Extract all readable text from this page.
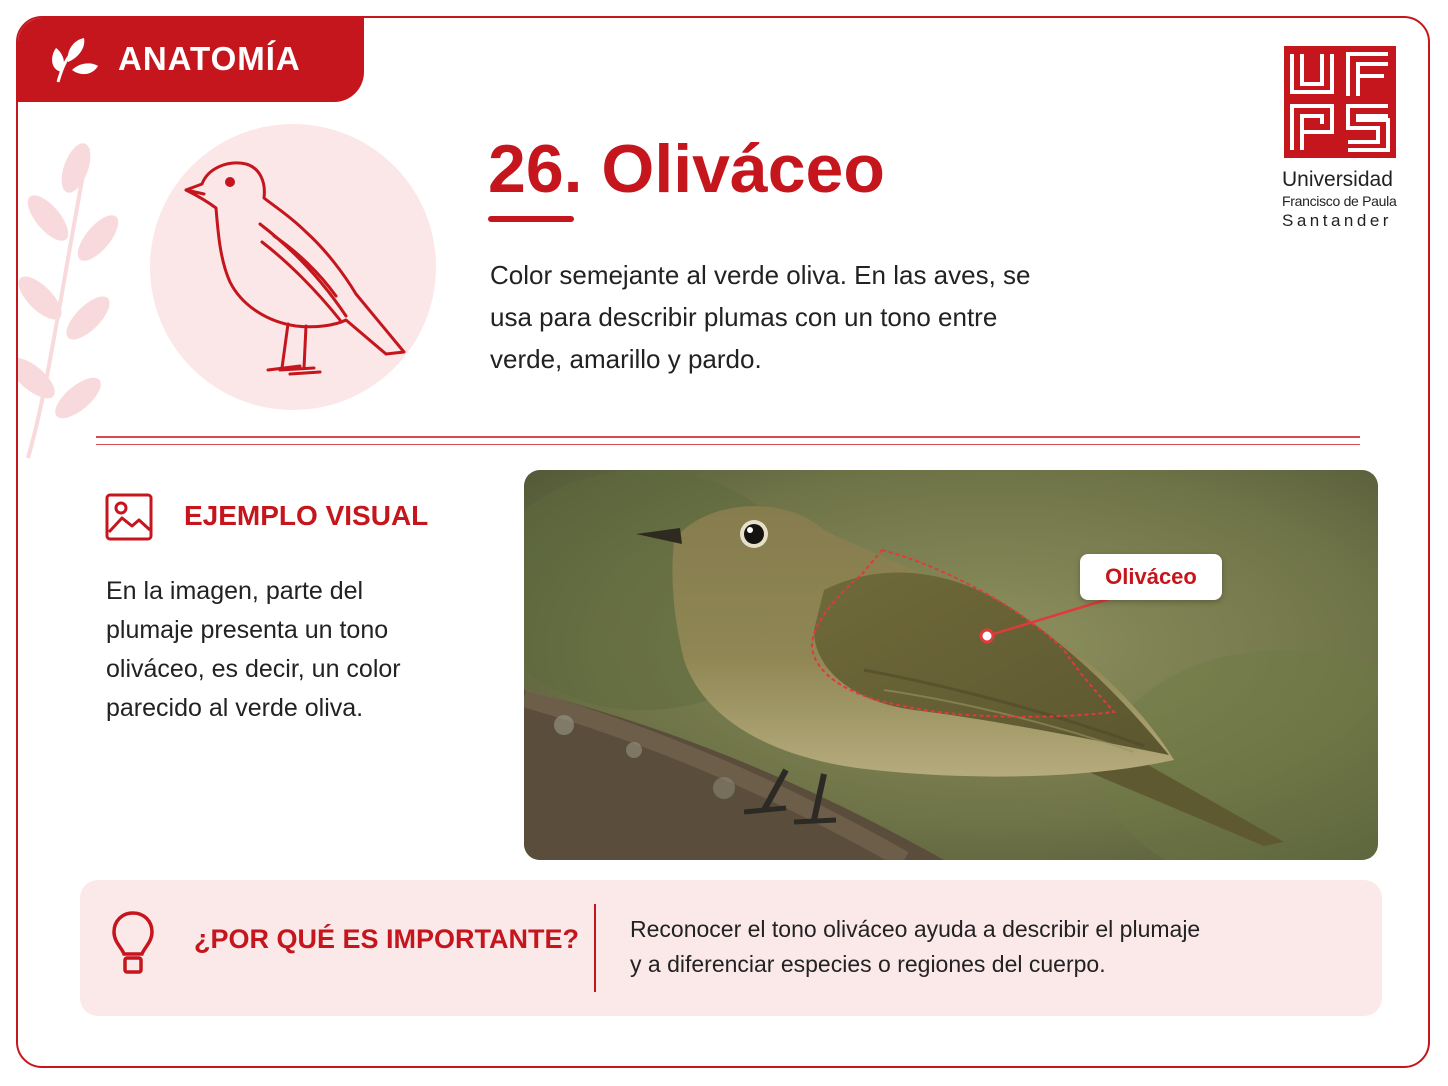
ANATOMÍA
26. Oliváceo
Color semejante al verde oliva. En las aves, se usa para describir plumas con un tono entre verde, amarillo y pardo.
Universidad
Francisco de Paula
Santander
EJEMPLO VISUAL
En la imagen, parte del plumaje presenta un tono oliváceo, es decir, un color parecido al verde oliva.
Oliváceo
¿POR QUÉ ES IMPORTANTE? Reconocer el tono oliváceo ayuda a describir el plumaje
y a diferenciar especies o regiones del cuerpo.
